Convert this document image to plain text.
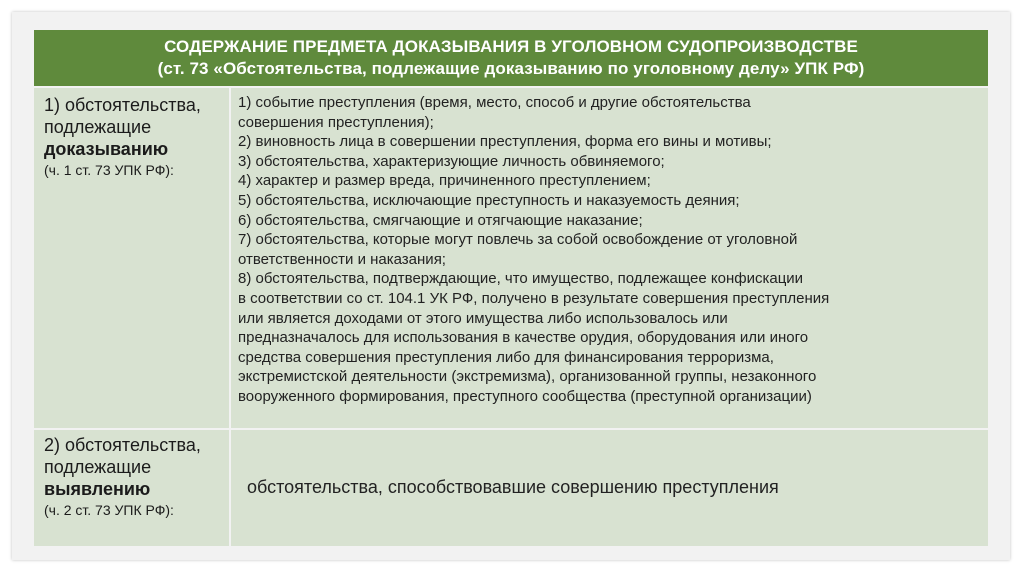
СОДЕРЖАНИЕ ПРЕДМЕТА ДОКАЗЫВАНИЯ В УГОЛОВНОМ СУДОПРОИЗВОДСТВЕ
(ст. 73 «Обстоятельства, подлежащие доказыванию по уголовному делу» УПК РФ)
1) обстоятельства,
подлежащие
доказыванию
(ч. 1 ст. 73 УПК РФ):
1) событие преступления (время, место, способ и другие обстоятельства
совершения преступления);
2) виновность лица в совершении преступления, форма его вины и мотивы;
3) обстоятельства, характеризующие личность обвиняемого;
4) характер и размер вреда, причиненного преступлением;
5) обстоятельства, исключающие преступность и наказуемость деяния;
6) обстоятельства, смягчающие и отягчающие наказание;
7) обстоятельства, которые могут повлечь за собой освобождение от уголовной
ответственности и наказания;
8) обстоятельства, подтверждающие, что имущество, подлежащее конфискации
в соответствии со ст. 104.1 УК РФ, получено в результате совершения преступления
или является доходами от этого имущества либо использовалось или
предназначалось для использования в качестве орудия, оборудования или иного
средства совершения преступления либо для финансирования терроризма,
экстремистской деятельности (экстремизма), организованной группы, незаконного
вооруженного формирования, преступного сообщества (преступной организации)
2) обстоятельства,
подлежащие
выявлению
(ч. 2 ст. 73 УПК РФ):
обстоятельства, способствовавшие совершению преступления
